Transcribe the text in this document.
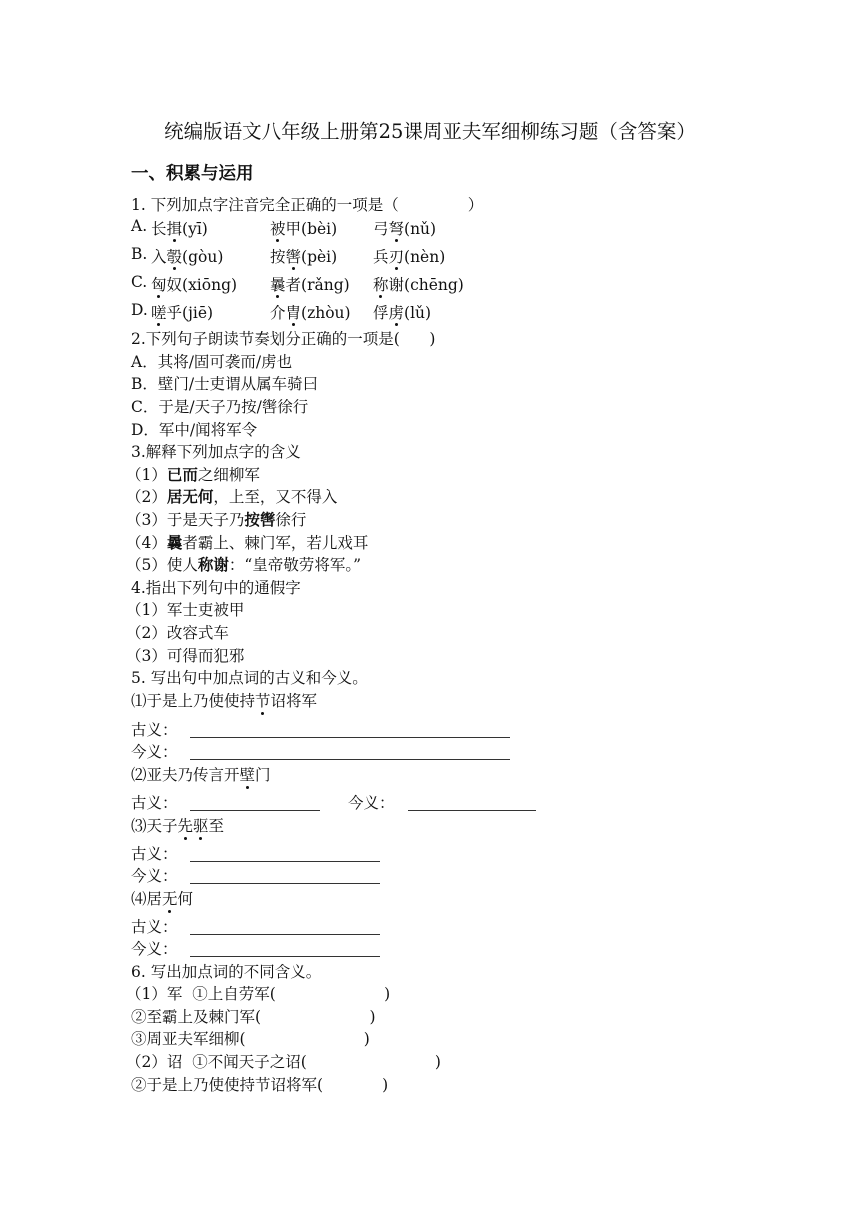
统编版语文八年级上册第25课周亚夫军细柳练习题（含答案）
一、积累与运用
1. 下列加点字注音完全正确的一项是（              ）
A.
长揖(yī)	被甲(bèi) 弓弩(nǔ)
B.
入彀(gòu)	按辔(pèi) 兵刃(nèn)
C.
匈奴(xiōng) 曩者(rǎng) 称谢(chēng)
D.
嗟乎(jiē)	介胄(zhòu) 俘虏(lǔ)
2.下列句子朗读节奏划分正确的一项是(      )
A．其将/固可袭而/虏也
B．壁门/士吏谓从属车骑曰
C．于是/天子乃按/辔徐行
D．军中/闻将军令
3.解释下列加点字的含义
（1）已而之细柳军
（2）居无何，上至，又不得入
（3）于是天子乃按辔徐行
（4）曩者霸上、棘门军，若儿戏耳
（5）使人称谢：“皇帝敬劳将军。”
4.指出下列句中的通假字
（1）军士吏被甲
（2）改容式车
（3）可得而犯邪
5. 写出句中加点词的古义和今义。
⑴于是上乃使使持节诏将军
古义：
今义：
⑵亚夫乃传言开壁门
古义：	今义：
⑶天子先驱至
古义：
今义：
⑷居无何
古义：
今义：
6. 写出加点词的不同含义。
（1）军  ①上自劳军(                      )
②至霸上及棘门军(                      )
③周亚夫军细柳(                        )
（2）诏  ①不闻天子之诏(                          )
②于是上乃使使持节诏将军(            )
